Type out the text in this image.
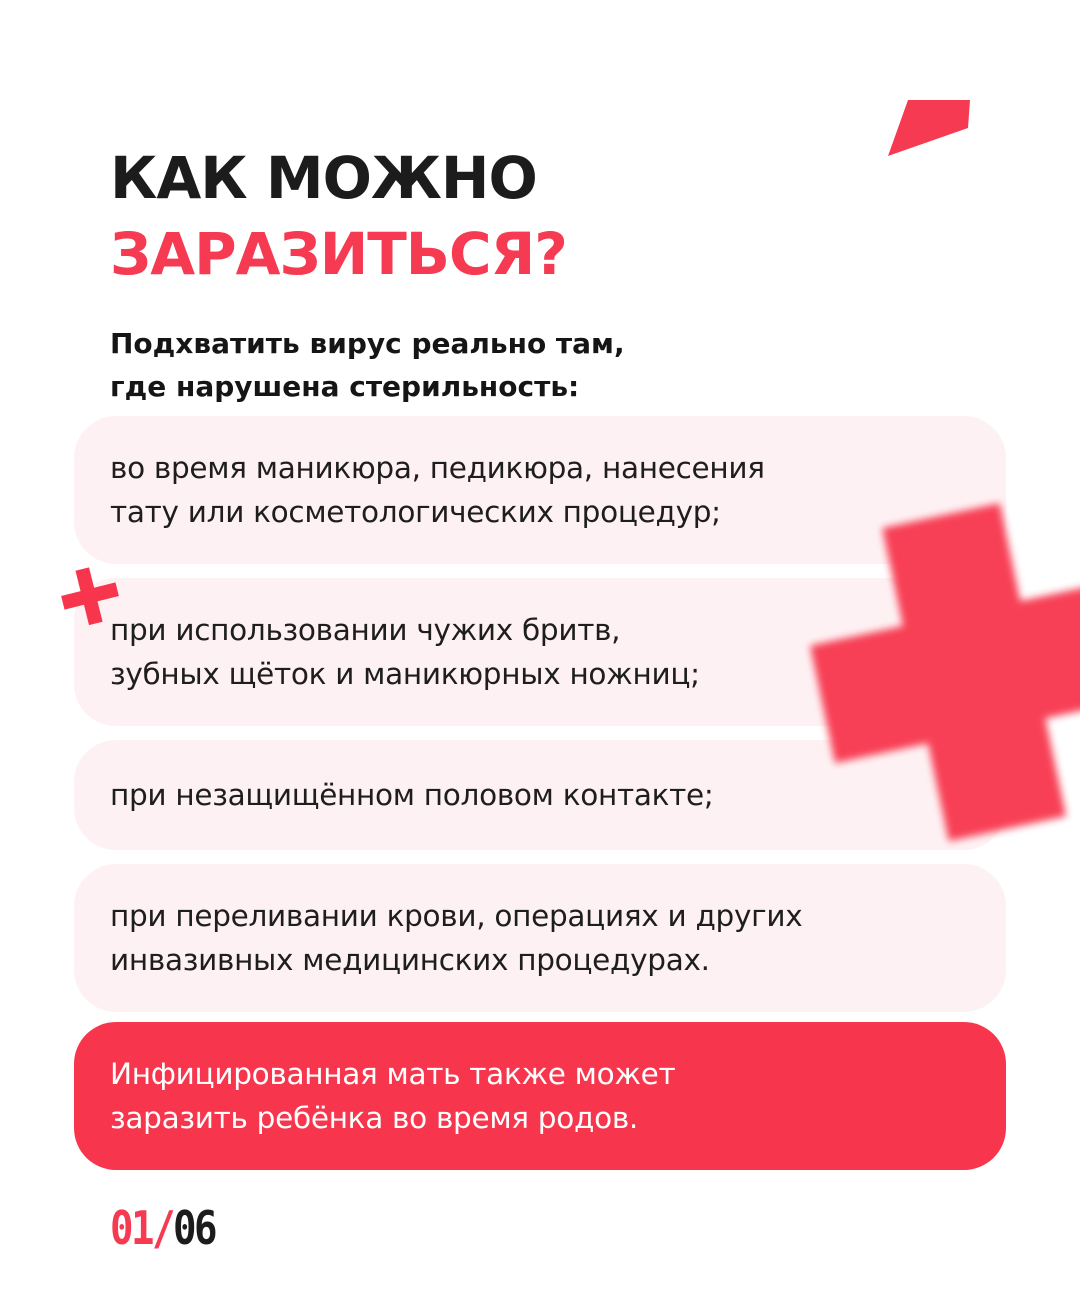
КАК МОЖНО
ЗАРАЗИТЬСЯ?

Подхватить вирус реально там,
где нарушена стерильность:

во время маникюра, педикюра, нанесения
тату или косметологических процедур;
при использовании чужих бритв,
зубных щёток и маникюрных ножниц;
при незащищённом половом контакте;
при переливании крови, операциях и других
инвазивных медицинских процедурах.
Инфицированная мать также может
заразить ребёнка во время родов.
01/06
